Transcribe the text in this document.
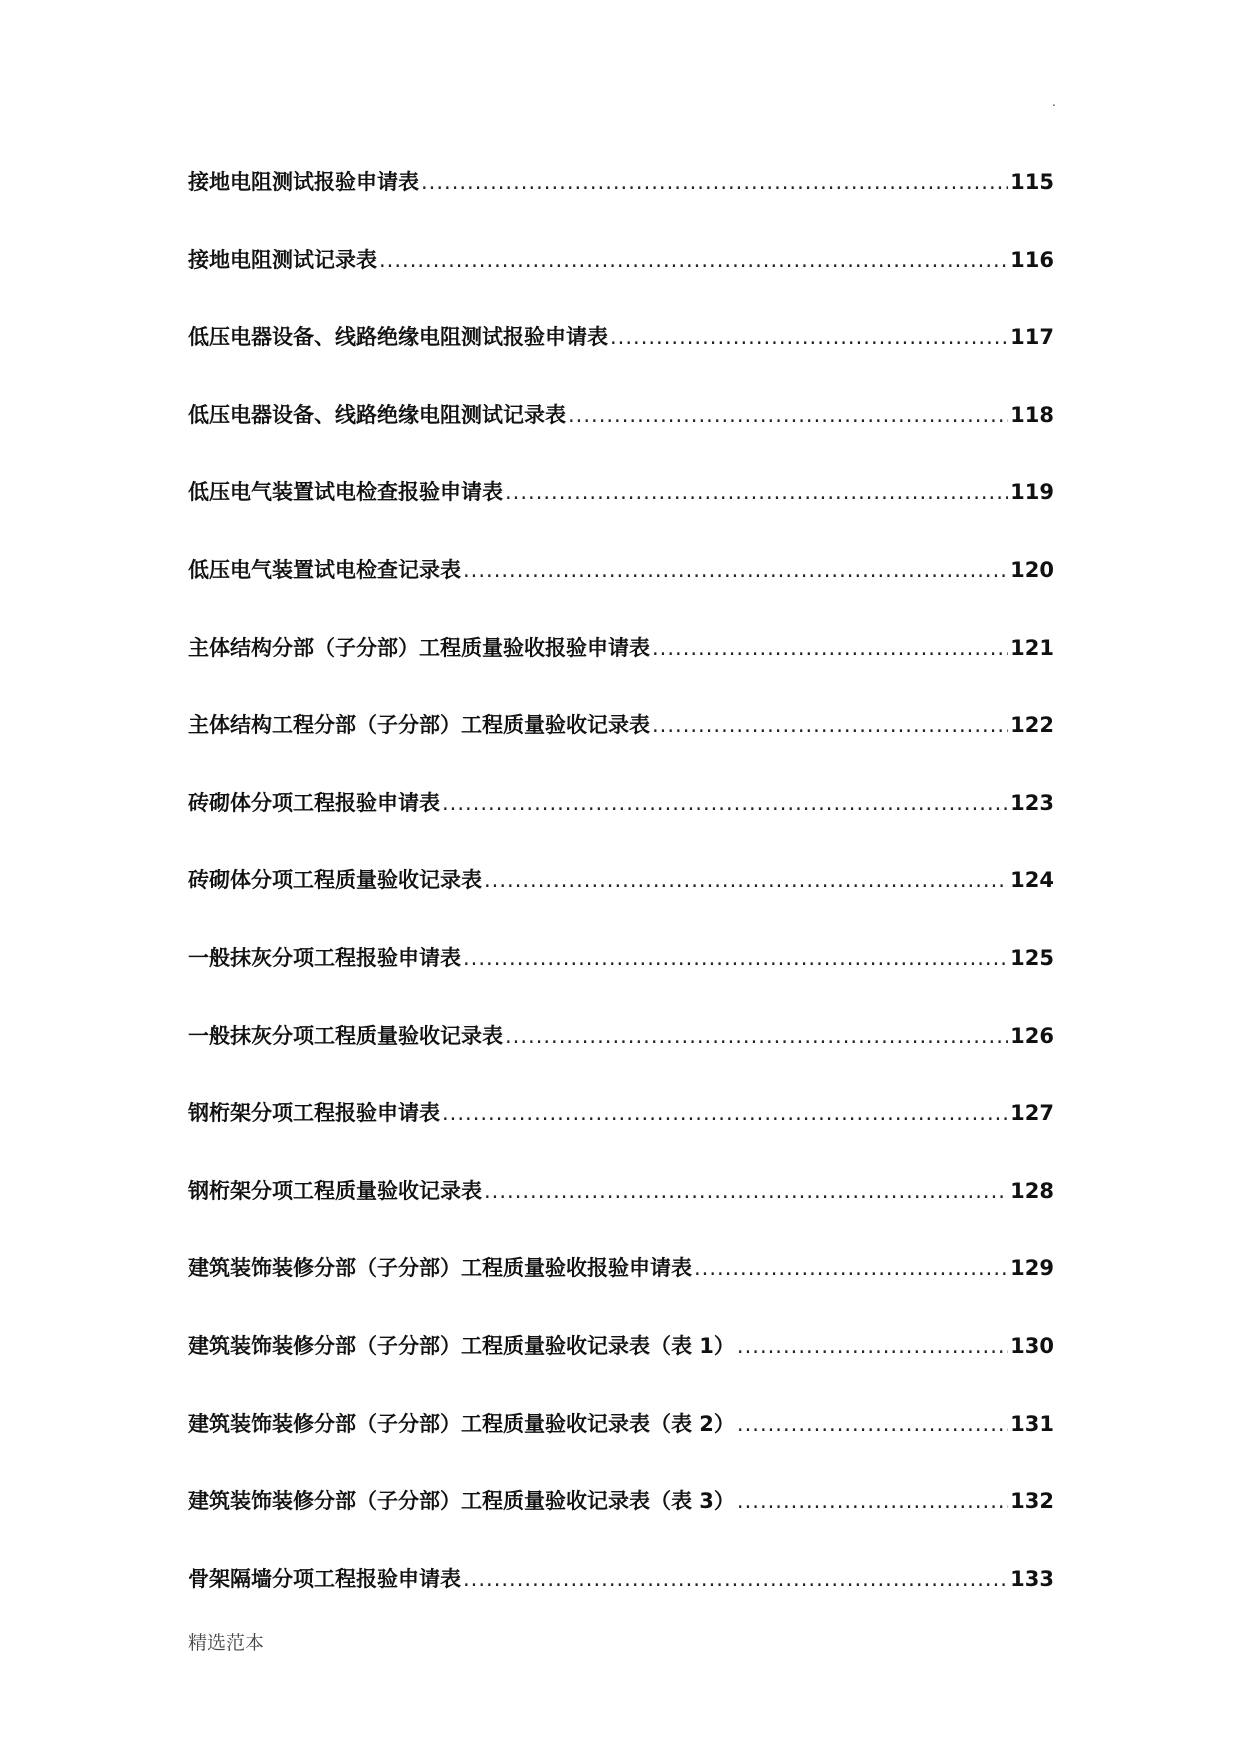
.
接地电阻测试报验申请表 .....	115
接地电阻测试记录表 .....	116
低压电器设备、线路绝缘电阻测试报验申请表 .....	117
低压电器设备、线路绝缘电阻测试记录表 .....	118
低压电气装置试电检查报验申请表 .....	119
低压电气装置试电检查记录表 .....	120
主体结构分部（子分部）工程质量验收报验申请表 .....	121
主体结构工程分部（子分部）工程质量验收记录表 .....	122
砖砌体分项工程报验申请表 .....	123
砖砌体分项工程质量验收记录表 .....	124
一般抹灰分项工程报验申请表 .....	125
一般抹灰分项工程质量验收记录表 .....	126
钢桁架分项工程报验申请表 .....	127
钢桁架分项工程质量验收记录表 .....	128
建筑装饰装修分部（子分部）工程质量验收报验申请表 .....	129
建筑装饰装修分部（子分部）工程质量验收记录表（表 1） .....	130
建筑装饰装修分部（子分部）工程质量验收记录表（表 2） .....	131
建筑装饰装修分部（子分部）工程质量验收记录表（表 3） .....	132
骨架隔墙分项工程报验申请表 .....	133
精选范本
